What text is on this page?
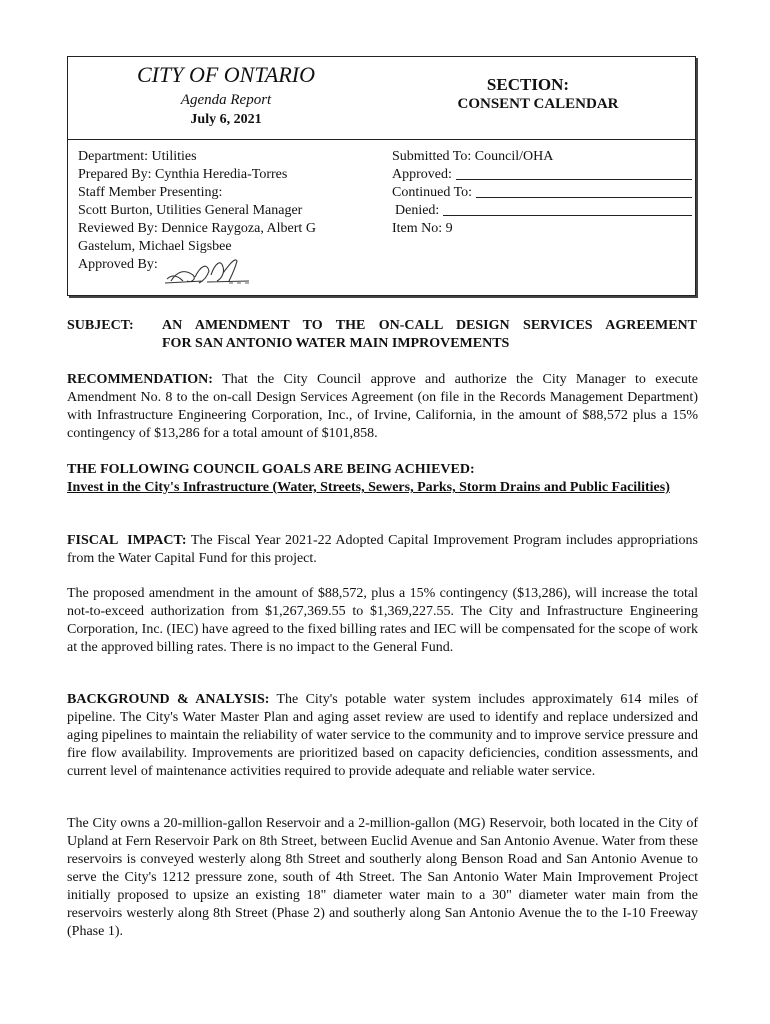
CITY OF ONTARIO
Agenda Report
July 6, 2021
SECTION:
CONSENT CALENDAR
Department: Utilities
Prepared By: Cynthia Heredia-Torres
Staff Member Presenting:
Scott Burton, Utilities General Manager
Reviewed By: Dennice Raygoza, Albert G
Gastelum, Michael Sigsbee
Approved By:
Submitted To: Council/OHA
Approved:
Continued To:
Denied:
Item No: 9
SUBJECT: AN AMENDMENT TO THE ON-CALL DESIGN SERVICES AGREEMENT
FOR SAN ANTONIO WATER MAIN IMPROVEMENTS
RECOMMENDATION: That the City Council approve and authorize the City Manager to execute Amendment No. 8 to the on-call Design Services Agreement (on file in the Records Management Department) with Infrastructure Engineering Corporation, Inc., of Irvine, California, in the amount of $88,572 plus a 15% contingency of $13,286 for a total amount of $101,858.
THE FOLLOWING COUNCIL GOALS ARE BEING ACHIEVED:
Invest in the City's Infrastructure (Water, Streets, Sewers, Parks, Storm Drains and Public Facilities)
FISCAL IMPACT: The Fiscal Year 2021-22 Adopted Capital Improvement Program includes appropriations from the Water Capital Fund for this project.
The proposed amendment in the amount of $88,572, plus a 15% contingency ($13,286), will increase the total not-to-exceed authorization from $1,267,369.55 to $1,369,227.55. The City and Infrastructure Engineering Corporation, Inc. (IEC) have agreed to the fixed billing rates and IEC will be compensated for the scope of work at the approved billing rates. There is no impact to the General Fund.
BACKGROUND & ANALYSIS: The City's potable water system includes approximately 614 miles of pipeline. The City's Water Master Plan and aging asset review are used to identify and replace undersized and aging pipelines to maintain the reliability of water service to the community and to improve service pressure and fire flow availability. Improvements are prioritized based on capacity deficiencies, condition assessments, and current level of maintenance activities required to provide adequate and reliable water service.
The City owns a 20-million-gallon Reservoir and a 2-million-gallon (MG) Reservoir, both located in the City of Upland at Fern Reservoir Park on 8th Street, between Euclid Avenue and San Antonio Avenue. Water from these reservoirs is conveyed westerly along 8th Street and southerly along Benson Road and San Antonio Avenue to serve the City's 1212 pressure zone, south of 4th Street. The San Antonio Water Main Improvement Project initially proposed to upsize an existing 18" diameter water main to a 30" diameter water main from the reservoirs westerly along 8th Street (Phase 2) and southerly along San Antonio Avenue the to the I-10 Freeway (Phase 1).
